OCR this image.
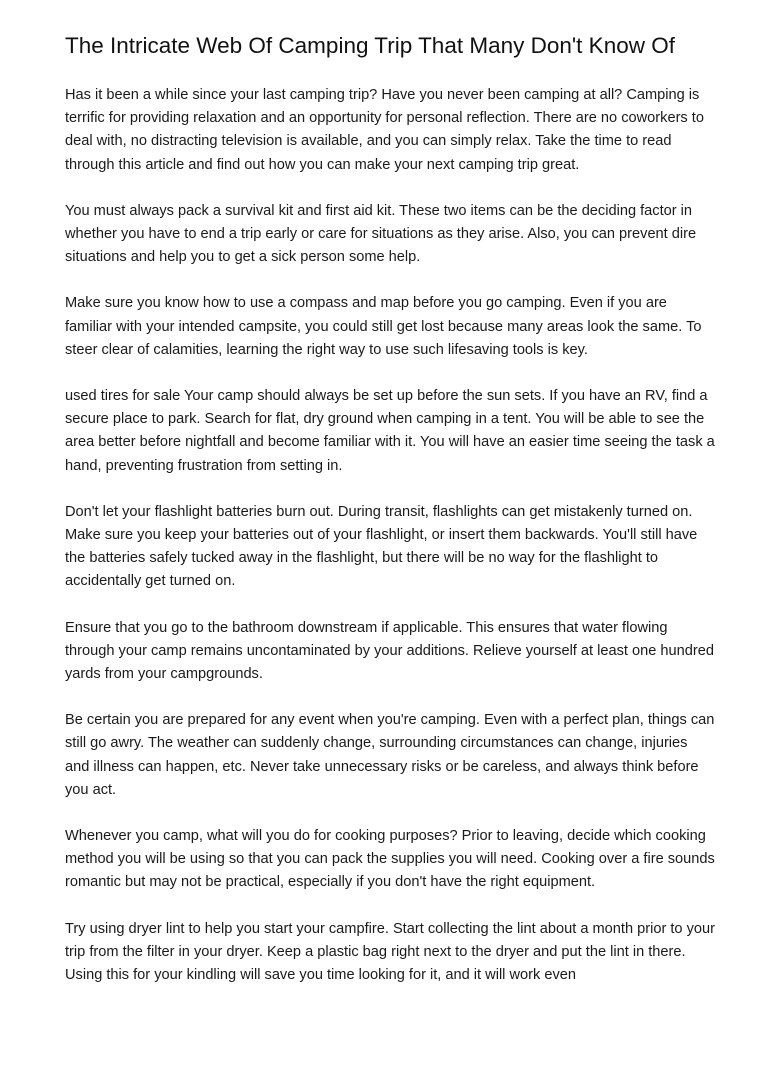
The Intricate Web Of Camping Trip That Many Don't Know Of

Has it been a while since your last camping trip? Have you never been camping at all? Camping is terrific for providing relaxation and an opportunity for personal reflection. There are no coworkers to deal with, no distracting television is available, and you can simply relax. Take the time to read through this article and find out how you can make your next camping trip great.

You must always pack a survival kit and first aid kit. These two items can be the deciding factor in whether you have to end a trip early or care for situations as they arise. Also, you can prevent dire situations and help you to get a sick person some help.

Make sure you know how to use a compass and map before you go camping. Even if you are familiar with your intended campsite, you could still get lost because many areas look the same. To steer clear of calamities, learning the right way to use such lifesaving tools is key.

used tires for sale Your camp should always be set up before the sun sets. If you have an RV, find a secure place to park. Search for flat, dry ground when camping in a tent. You will be able to see the area better before nightfall and become familiar with it. You will have an easier time seeing the task a hand, preventing frustration from setting in.

Don't let your flashlight batteries burn out. During transit, flashlights can get mistakenly turned on. Make sure you keep your batteries out of your flashlight, or insert them backwards. You'll still have the batteries safely tucked away in the flashlight, but there will be no way for the flashlight to accidentally get turned on.

Ensure that you go to the bathroom downstream if applicable. This ensures that water flowing through your camp remains uncontaminated by your additions. Relieve yourself at least one hundred yards from your campgrounds.

Be certain you are prepared for any event when you're camping. Even with a perfect plan, things can still go awry. The weather can suddenly change, surrounding circumstances can change, injuries and illness can happen, etc. Never take unnecessary risks or be careless, and always think before you act.

Whenever you camp, what will you do for cooking purposes? Prior to leaving, decide which cooking method you will be using so that you can pack the supplies you will need. Cooking over a fire sounds romantic but may not be practical, especially if you don't have the right equipment.

Try using dryer lint to help you start your campfire. Start collecting the lint about a month prior to your trip from the filter in your dryer. Keep a plastic bag right next to the dryer and put the lint in there. Using this for your kindling will save you time looking for it, and it will work even
